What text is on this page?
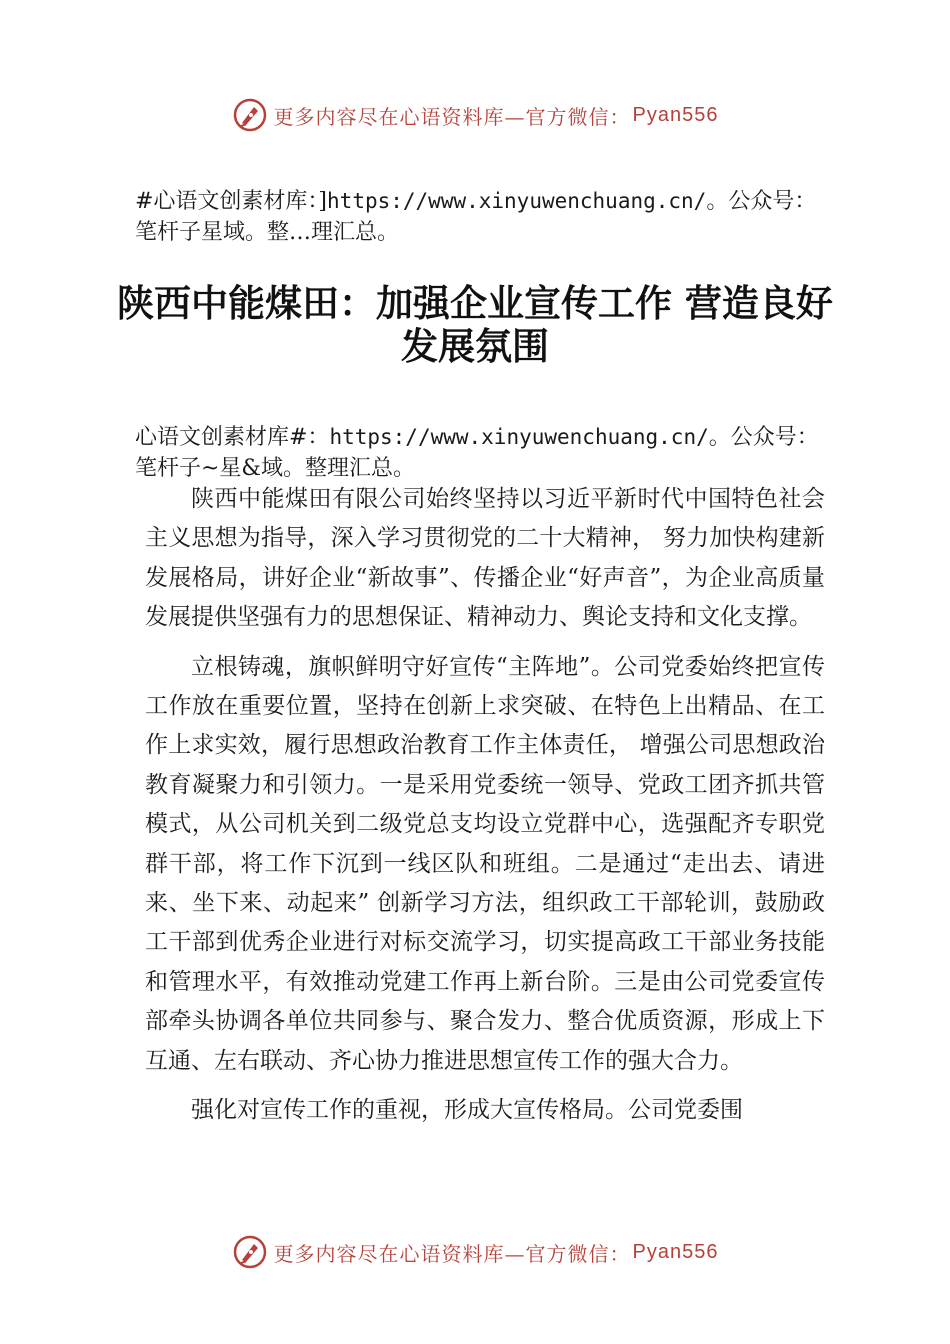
更多内容尽在心语资料库—官方微信： Pyan556
#心语文创素材库：]https://www.xinyuwenchuang.cn/。公众号：笔杆子星域。整…理汇总。
陕西中能煤田：加强企业宣传工作 营造良好发展氛围
心语文创素材库#：https://www.xinyuwenchuang.cn/。公众号：笔杆子~星&域。整理汇总。

陕西中能煤田有限公司始终坚持以习近平新时代中国特色社会主义思想为指导，深入学习贯彻党的二十大精神， 努力加快构建新发展格局，讲好企业“新故事”、传播企业“好声音”，为企业高质量发展提供坚强有力的思想保证、精神动力、舆论支持和文化支撑。

立根铸魂，旗帜鲜明守好宣传“主阵地”。公司党委始终把宣传工作放在重要位置，坚持在创新上求突破、在特色上出精品、在工作上求实效，履行思想政治教育工作主体责任， 增强公司思想政治教育凝聚力和引领力。一是采用党委统一领导、党政工团齐抓共管模式，从公司机关到二级党总支均设立党群中心，选强配齐专职党群干部，将工作下沉到一线区队和班组。二是通过“走出去、请进来、坐下来、动起来” 创新学习方法，组织政工干部轮训，鼓励政工干部到优秀企业进行对标交流学习，切实提高政工干部业务技能和管理水平，有效推动党建工作再上新台阶。三是由公司党委宣传部牵头协调各单位共同参与、聚合发力、整合优质资源，形成上下互通、左右联动、齐心协力推进思想宣传工作的强大合力。

强化对宣传工作的重视，形成大宣传格局。公司党委围

更多内容尽在心语资料库—官方微信： Pyan556
